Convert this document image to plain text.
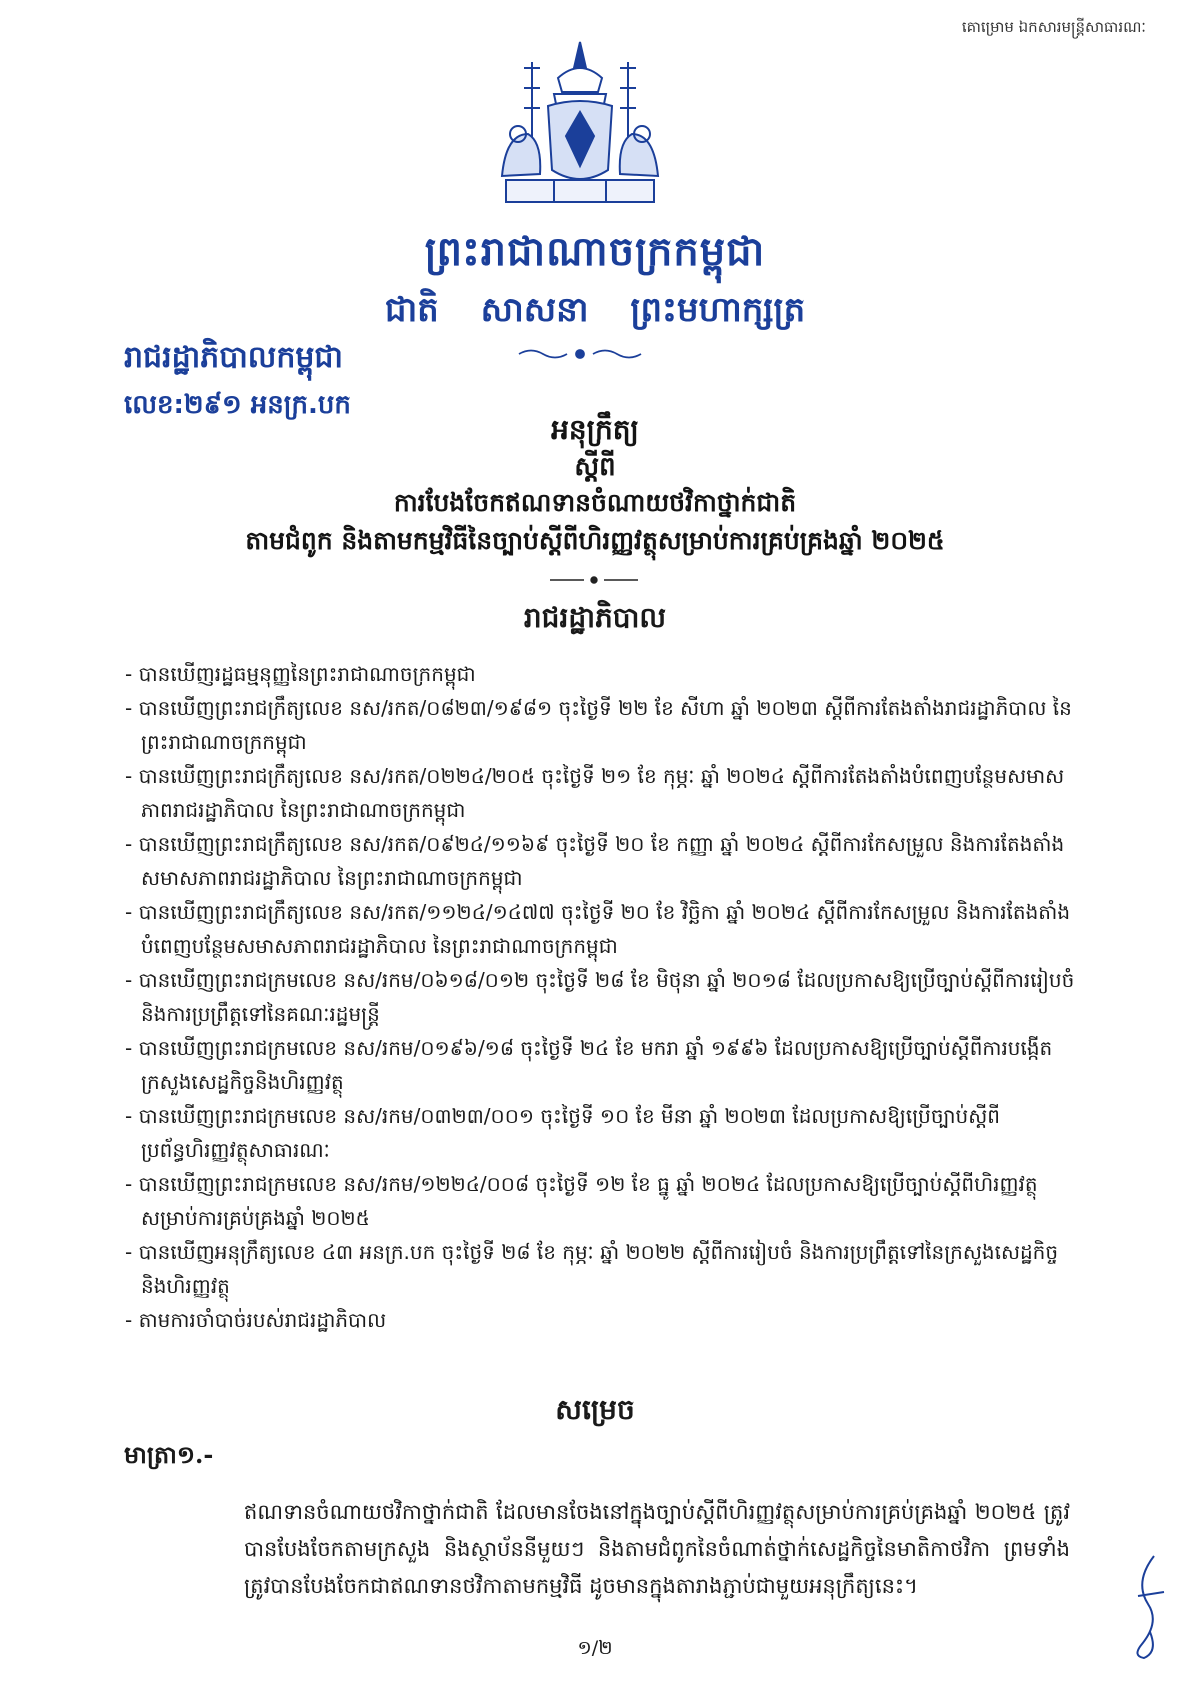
គោម្រោម ឯកសារមន្ត្រីសាធារណៈ
ព្រះរាជាណាចក្រកម្ពុជា
ជាតិ សាសនា ព្រះមហាក្សត្រ
រាជរដ្ឋាភិបាលកម្ពុជា
លេខ:២៩១ អនក្រ.បក
អនុក្រឹត្យ
ស្តីពី
ការបែងចែកឥណទានចំណាយថវិកាថ្នាក់ជាតិ
តាមជំពូក និងតាមកម្មវិធីនៃច្បាប់ស្តីពីហិរញ្ញវត្ថុសម្រាប់ការគ្រប់គ្រងឆ្នាំ ២០២៥
រាជរដ្ឋាភិបាល
- បានឃើញរដ្ឋធម្មនុញ្ញនៃព្រះរាជាណាចក្រកម្ពុជា
- បានឃើញព្រះរាជក្រឹត្យលេខ នស/រកត/០៨២៣/១៩៨១ ចុះថ្ងៃទី ២២ ខែ សីហា ឆ្នាំ ២០២៣ ស្តីពីការតែងតាំងរាជរដ្ឋាភិបាល នៃព្រះរាជាណាចក្រកម្ពុជា
- បានឃើញព្រះរាជក្រឹត្យលេខ នស/រកត/០២២៤/២០៥ ចុះថ្ងៃទី ២១ ខែ កុម្ភៈ ឆ្នាំ ២០២៤ ស្តីពីការតែងតាំងបំពេញបន្ថែមសមាសភាពរាជរដ្ឋាភិបាល នៃព្រះរាជាណាចក្រកម្ពុជា
- បានឃើញព្រះរាជក្រឹត្យលេខ នស/រកត/០៩២៤/១១៦៩ ចុះថ្ងៃទី ២០ ខែ កញ្ញា ឆ្នាំ ២០២៤ ស្តីពីការកែសម្រួល និងការតែងតាំងសមាសភាពរាជរដ្ឋាភិបាល នៃព្រះរាជាណាចក្រកម្ពុជា
- បានឃើញព្រះរាជក្រឹត្យលេខ នស/រកត/១១២៤/១៤៧៧ ចុះថ្ងៃទី ២០ ខែ វិច្ឆិកា ឆ្នាំ ២០២៤ ស្តីពីការកែសម្រួល និងការតែងតាំងបំពេញបន្ថែមសមាសភាពរាជរដ្ឋាភិបាល នៃព្រះរាជាណាចក្រកម្ពុជា
- បានឃើញព្រះរាជក្រមលេខ នស/រកម/០៦១៨/០១២ ចុះថ្ងៃទី ២៨ ខែ មិថុនា ឆ្នាំ ២០១៨ ដែលប្រកាសឱ្យប្រើច្បាប់ស្តីពីការរៀបចំ និងការប្រព្រឹត្តទៅនៃគណៈរដ្ឋមន្ត្រី
- បានឃើញព្រះរាជក្រមលេខ នស/រកម/០១៩៦/១៨ ចុះថ្ងៃទី ២៤ ខែ មករា ឆ្នាំ ១៩៩៦ ដែលប្រកាសឱ្យប្រើច្បាប់ស្តីពីការបង្កើតក្រសួងសេដ្ឋកិច្ចនិងហិរញ្ញវត្ថុ
- បានឃើញព្រះរាជក្រមលេខ នស/រកម/០៣២៣/០០១ ចុះថ្ងៃទី ១០ ខែ មីនា ឆ្នាំ ២០២៣ ដែលប្រកាសឱ្យប្រើច្បាប់ស្តីពីប្រព័ន្ធហិរញ្ញវត្ថុសាធារណៈ
- បានឃើញព្រះរាជក្រមលេខ នស/រកម/១២២៤/០០៨ ចុះថ្ងៃទី ១២ ខែ ធ្នូ ឆ្នាំ ២០២៤ ដែលប្រកាសឱ្យប្រើច្បាប់ស្តីពីហិរញ្ញវត្ថុសម្រាប់ការគ្រប់គ្រងឆ្នាំ ២០២៥
- បានឃើញអនុក្រឹត្យលេខ ៤៣ អនក្រ.បក ចុះថ្ងៃទី ២៨ ខែ កុម្ភៈ ឆ្នាំ ២០២២ ស្តីពីការរៀបចំ និងការប្រព្រឹត្តទៅនៃក្រសួងសេដ្ឋកិច្ចនិងហិរញ្ញវត្ថុ
- តាមការចាំបាច់របស់រាជរដ្ឋាភិបាល
សម្រេច
មាត្រា១.-
ឥណទានចំណាយថវិកាថ្នាក់ជាតិ ដែលមានចែងនៅក្នុងច្បាប់ស្តីពីហិរញ្ញវត្ថុសម្រាប់ការគ្រប់គ្រងឆ្នាំ ២០២៥ ត្រូវបានបែងចែកតាមក្រសួង និងស្ថាប័ននីមួយៗ និងតាមជំពូកនៃចំណាត់ថ្នាក់សេដ្ឋកិច្ចនៃមាតិកាថវិកា ព្រមទាំងត្រូវបានបែងចែកជាឥណទានថវិកាតាមកម្មវិធី ដូចមានក្នុងតារាងភ្ជាប់ជាមួយអនុក្រឹត្យនេះ។
១/២
